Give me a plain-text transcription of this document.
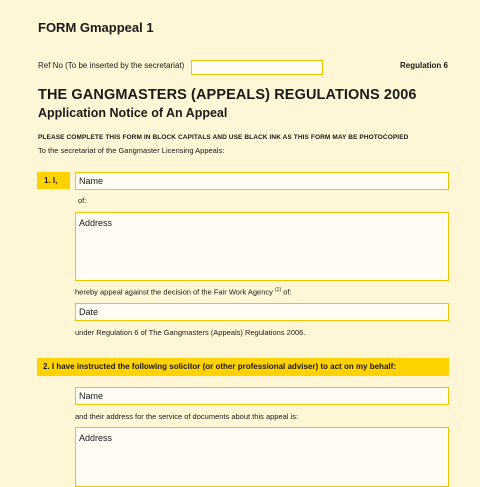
FORM Gmappeal 1
Ref No (To be inserted by the secretariat)	Regulation 6
THE GANGMASTERS (APPEALS) REGULATIONS 2006
Application Notice of An Appeal
PLEASE COMPLETE THIS FORM IN BLOCK CAPITALS AND USE BLACK INK AS THIS FORM MAY BE PHOTOCOPIED
To the secretariat of the Gangmaster Licensing Appeals:
1. I,	Name
of:
Address
hereby appeal against the decision of the Fair Work Agency $^{(1)}$ of:
Date
under Regulation 6 of The Gangmasters (Appeals) Regulations 2006.
2. I have instructed the following solicitor (or other professional adviser) to act on my behalf:
Name
and their address for the service of documents about this appeal is:
Address
